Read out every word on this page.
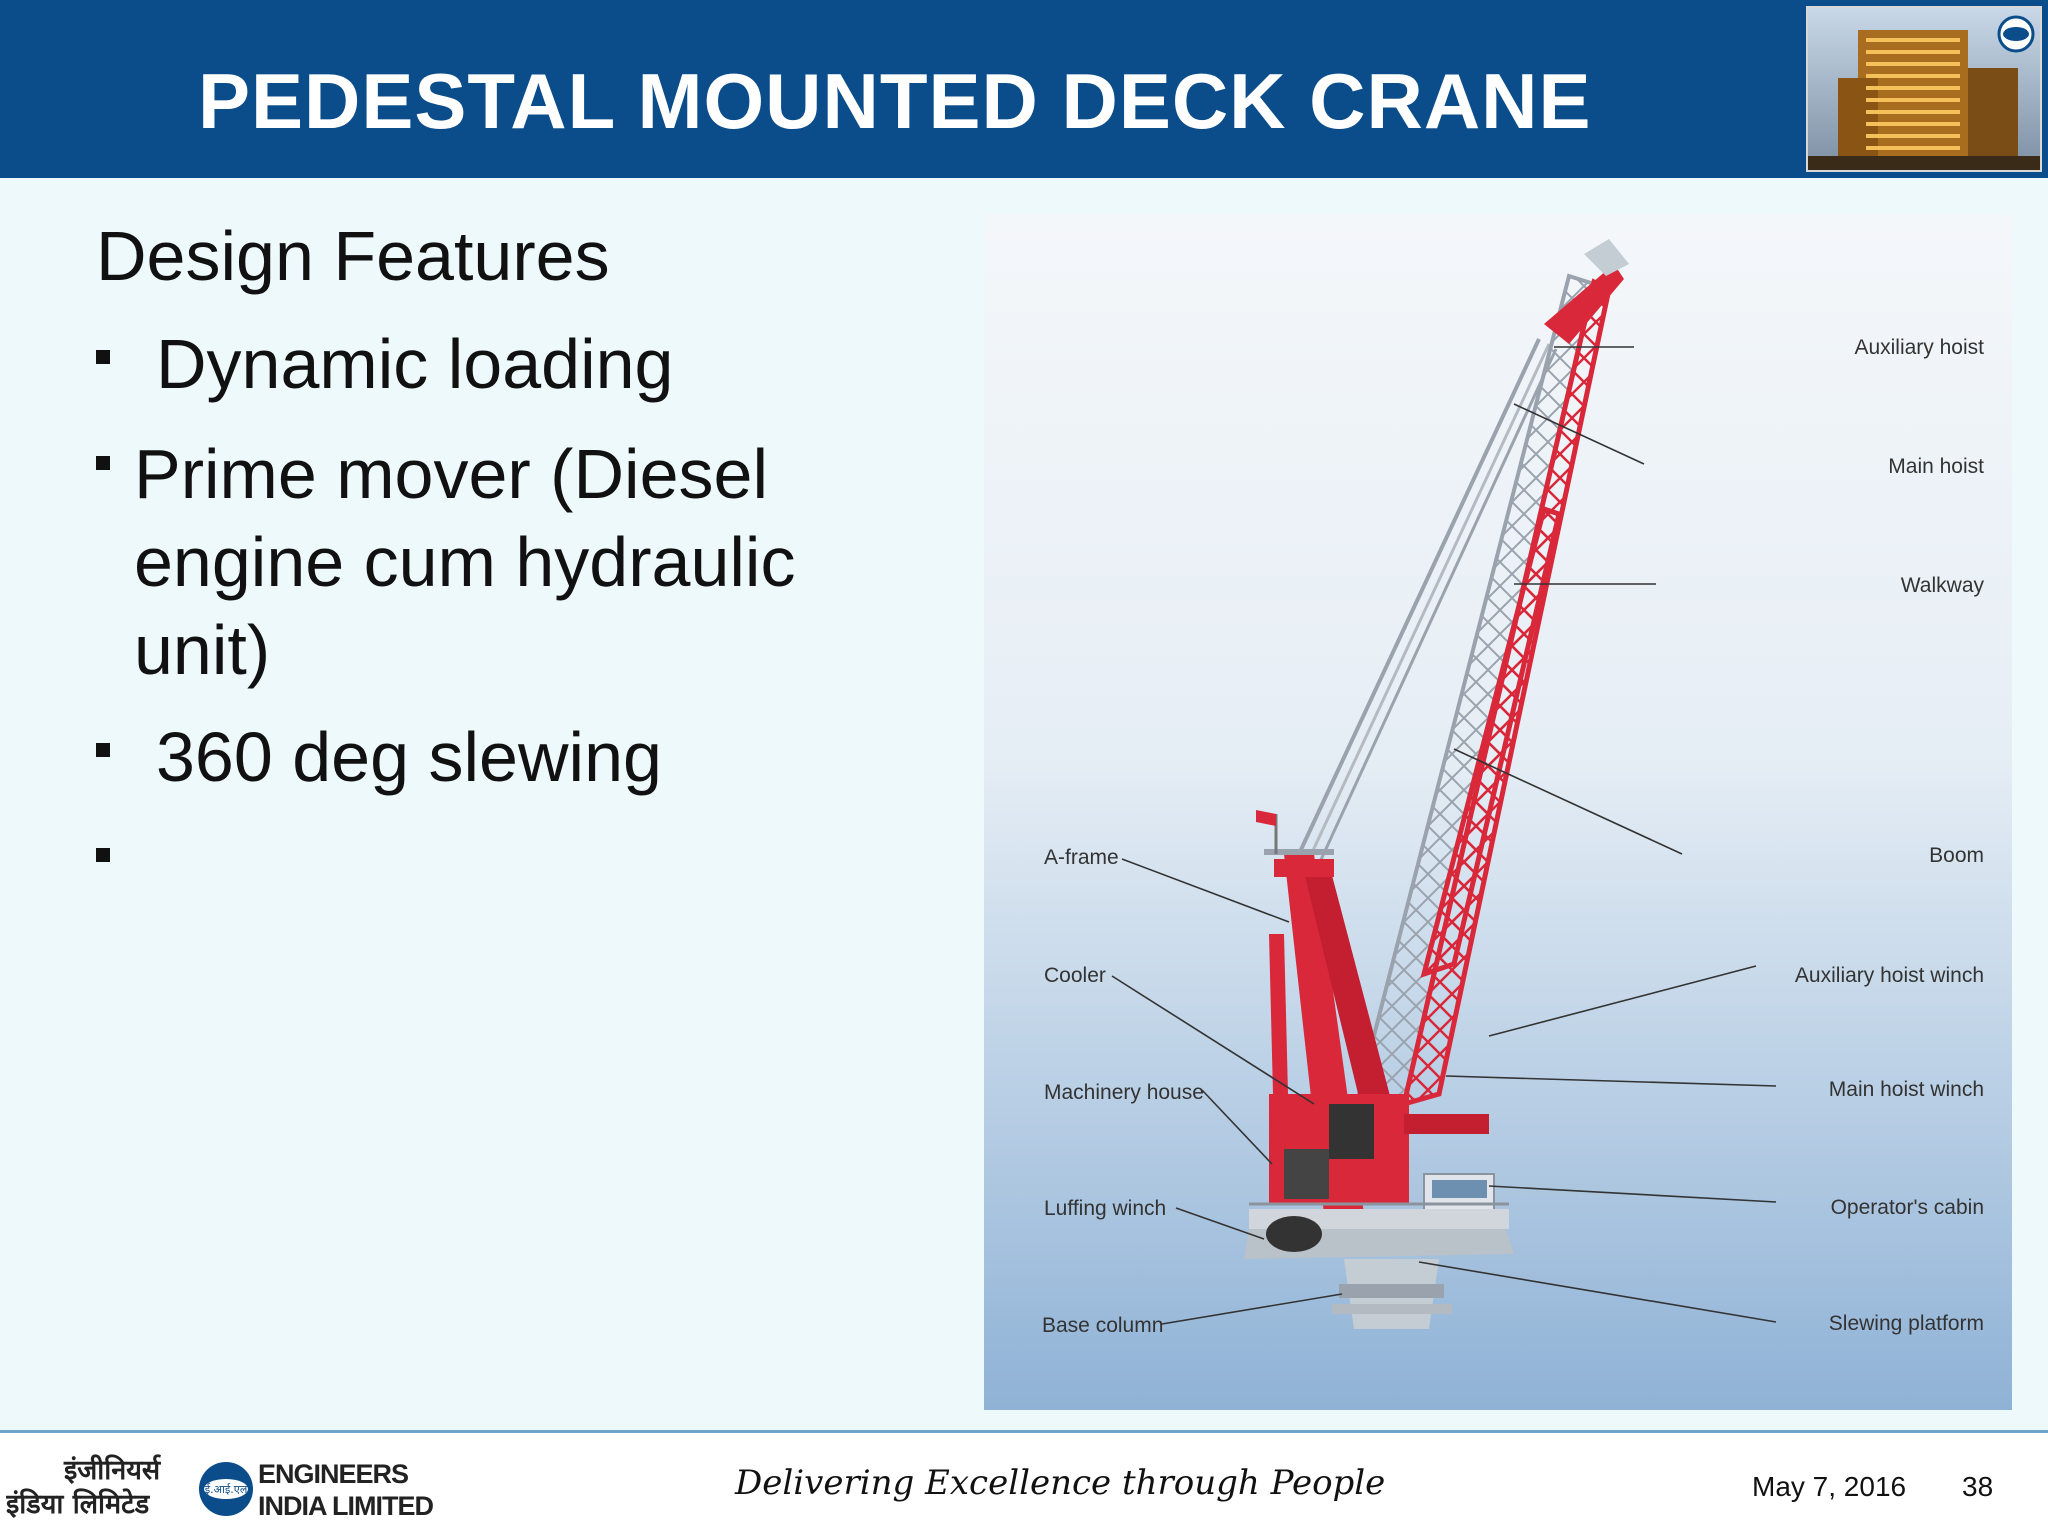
PEDESTAL MOUNTED DECK CRANE
Design Features
Dynamic loading
Prime mover (Diesel
engine cum hydraulic
unit)
360 deg slewing
Auxiliary hoist
Main hoist
Walkway
Boom
Auxiliary hoist winch
Main hoist winch
Operator's cabin
Slewing platform
A-frame
Cooler
Machinery house
Luffing winch
Base column
इंजीनियर्स
इंडिया लिमिटेड	ई.आई.एल
ENGINEERS
INDIA LIMITED
Delivering Excellence through People	May 7, 2016 38
